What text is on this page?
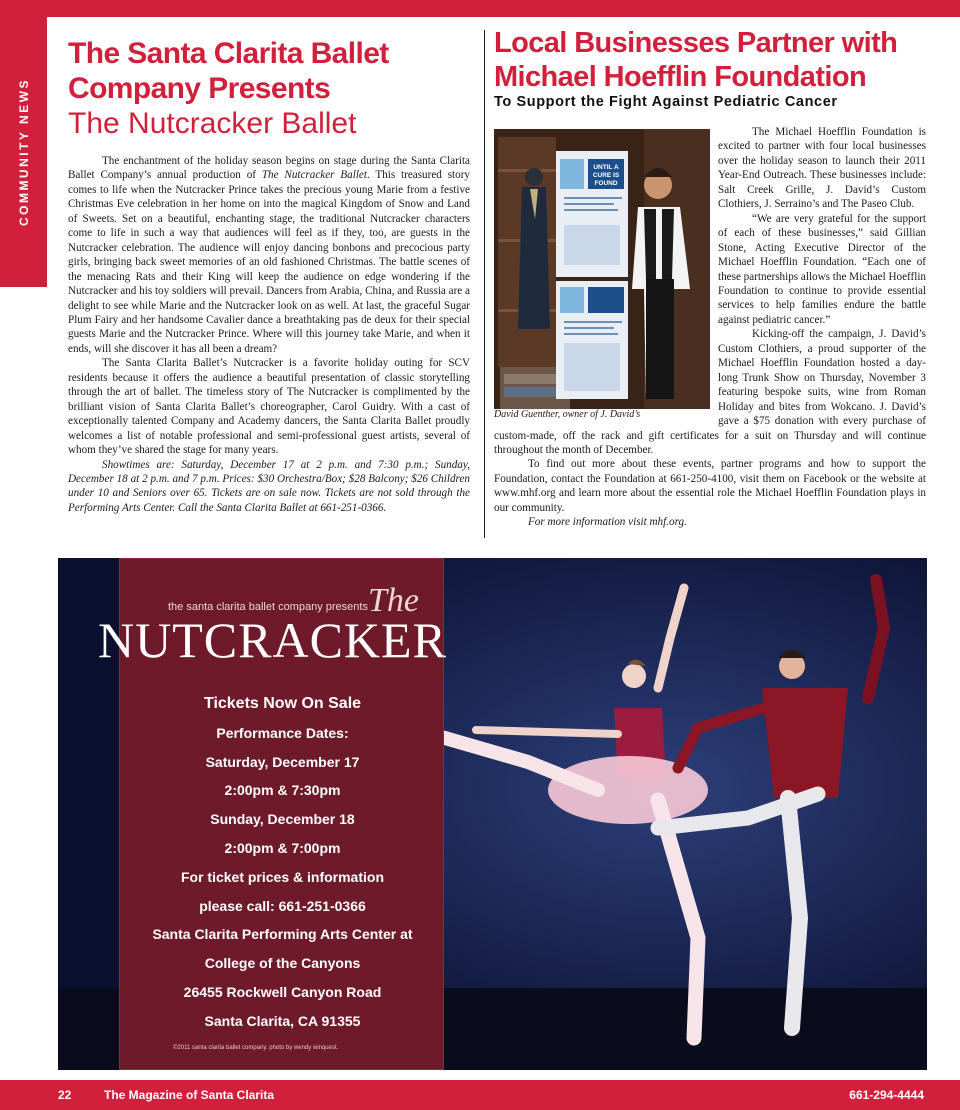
COMMUNITY NEWS
The Santa Clarita Ballet
Company Presents
The Nutcracker Ballet

The enchantment of the holiday season begins on stage during the Santa Clarita Ballet Company’s annual production of The Nutcracker Ballet. This treasured story comes to life when the Nutcracker Prince takes the precious young Marie from a festive Christmas Eve celebration in her home on into the magical Kingdom of Snow and Land of Sweets. Set on a beautiful, enchanting stage, the traditional Nutcracker characters come to life in such a way that audiences will feel as if they, too, are guests in the Nutcracker celebration. The audience will enjoy dancing bonbons and precocious party girls, bringing back sweet memories of an old fashioned Christmas. The battle scenes of the menacing Rats and their King will keep the audience on edge wondering if the Nutcracker and his toy soldiers will prevail. Dancers from Arabia, China, and Russia are a delight to see while Marie and the Nutcracker look on as well. At last, the graceful Sugar Plum Fairy and her handsome Cavalier dance a breathtaking pas de deux for their special guests Marie and the Nutcracker Prince. Where will this journey take Marie, and when it ends, will she discover it has all been a dream?

The Santa Clarita Ballet’s Nutcracker is a favorite holiday outing for SCV residents because it offers the audience a beautiful presentation of classic storytelling through the art of ballet. The timeless story of The Nutcracker is complimented by the brilliant vision of Santa Clarita Ballet’s choreographer, Carol Guidry. With a cast of exceptionally talented Company and Academy dancers, the Santa Clarita Ballet proudly welcomes a list of notable professional and semi-professional guest artists, several of whom they’ve shared the stage for many years.

Showtimes are: Saturday, December 17 at 2 p.m. and 7:30 p.m.; Sunday, December 18 at 2 p.m. and 7 p.m. Prices: $30 Orchestra/Box; $28 Balcony; $26 Children under 10 and Seniors over 65. Tickets are on sale now. Tickets are not sold through the Performing Arts Center. Call the Santa Clarita Ballet at 661-251-0366.

Local Businesses Partner with
Michael Hoefflin Foundation
To Support the Fight Against Pediatric Cancer
UNTIL A
CURE IS
FOUND
David Guenther, owner of J. David’s

The Michael Hoefflin Foundation is excited to partner with four local businesses over the holiday season to launch their 2011 Year-End Outreach. These businesses include: Salt Creek Grille, J. David’s Custom Clothiers, J. Serraino’s and The Paseo Club.

“We are very grateful for the support of each of these businesses,” said Gillian Stone, Acting Executive Director of the Michael Hoefflin Foundation. “Each one of these partnerships allows the Michael Hoefflin Foundation to continue to provide essential services to help families endure the battle against pediatric cancer.”

Kicking-off the campaign, J. David’s Custom Clothiers, a proud supporter of the Michael Hoefflin Foundation hosted a day-long Trunk Show on Thursday, November 3 featuring bespoke suits, wine from Roman Holiday and bites from Wokcano. J. David’s gave a $75 donation with every purchase of custom-made, off the rack and gift certificates for a suit on Thursday and will continue throughout the month of December.

To find out more about these events, partner programs and how to support the Foundation, contact the Foundation at 661-250-4100, visit them on Facebook or the website at www.mhf.org and learn more about the essential role the Michael Hoefflin Foundation plays in our community.

For more information visit mhf.org.

the santa clarita ballet company presents The
NUTCRACKER
Tickets Now On Sale
Performance Dates:
Saturday, December 17
2:00pm & 7:30pm
Sunday, December 18
2:00pm & 7:00pm
For ticket prices & information
please call: 661-251-0366
Santa Clarita Performing Arts Center at
College of the Canyons
26455 Rockwell Canyon Road
Santa Clarita, CA 91355
©2011 santa clarita ballet company. photo by wendy winquest.
22	The Magazine of Santa Clarita	661-294-4444
